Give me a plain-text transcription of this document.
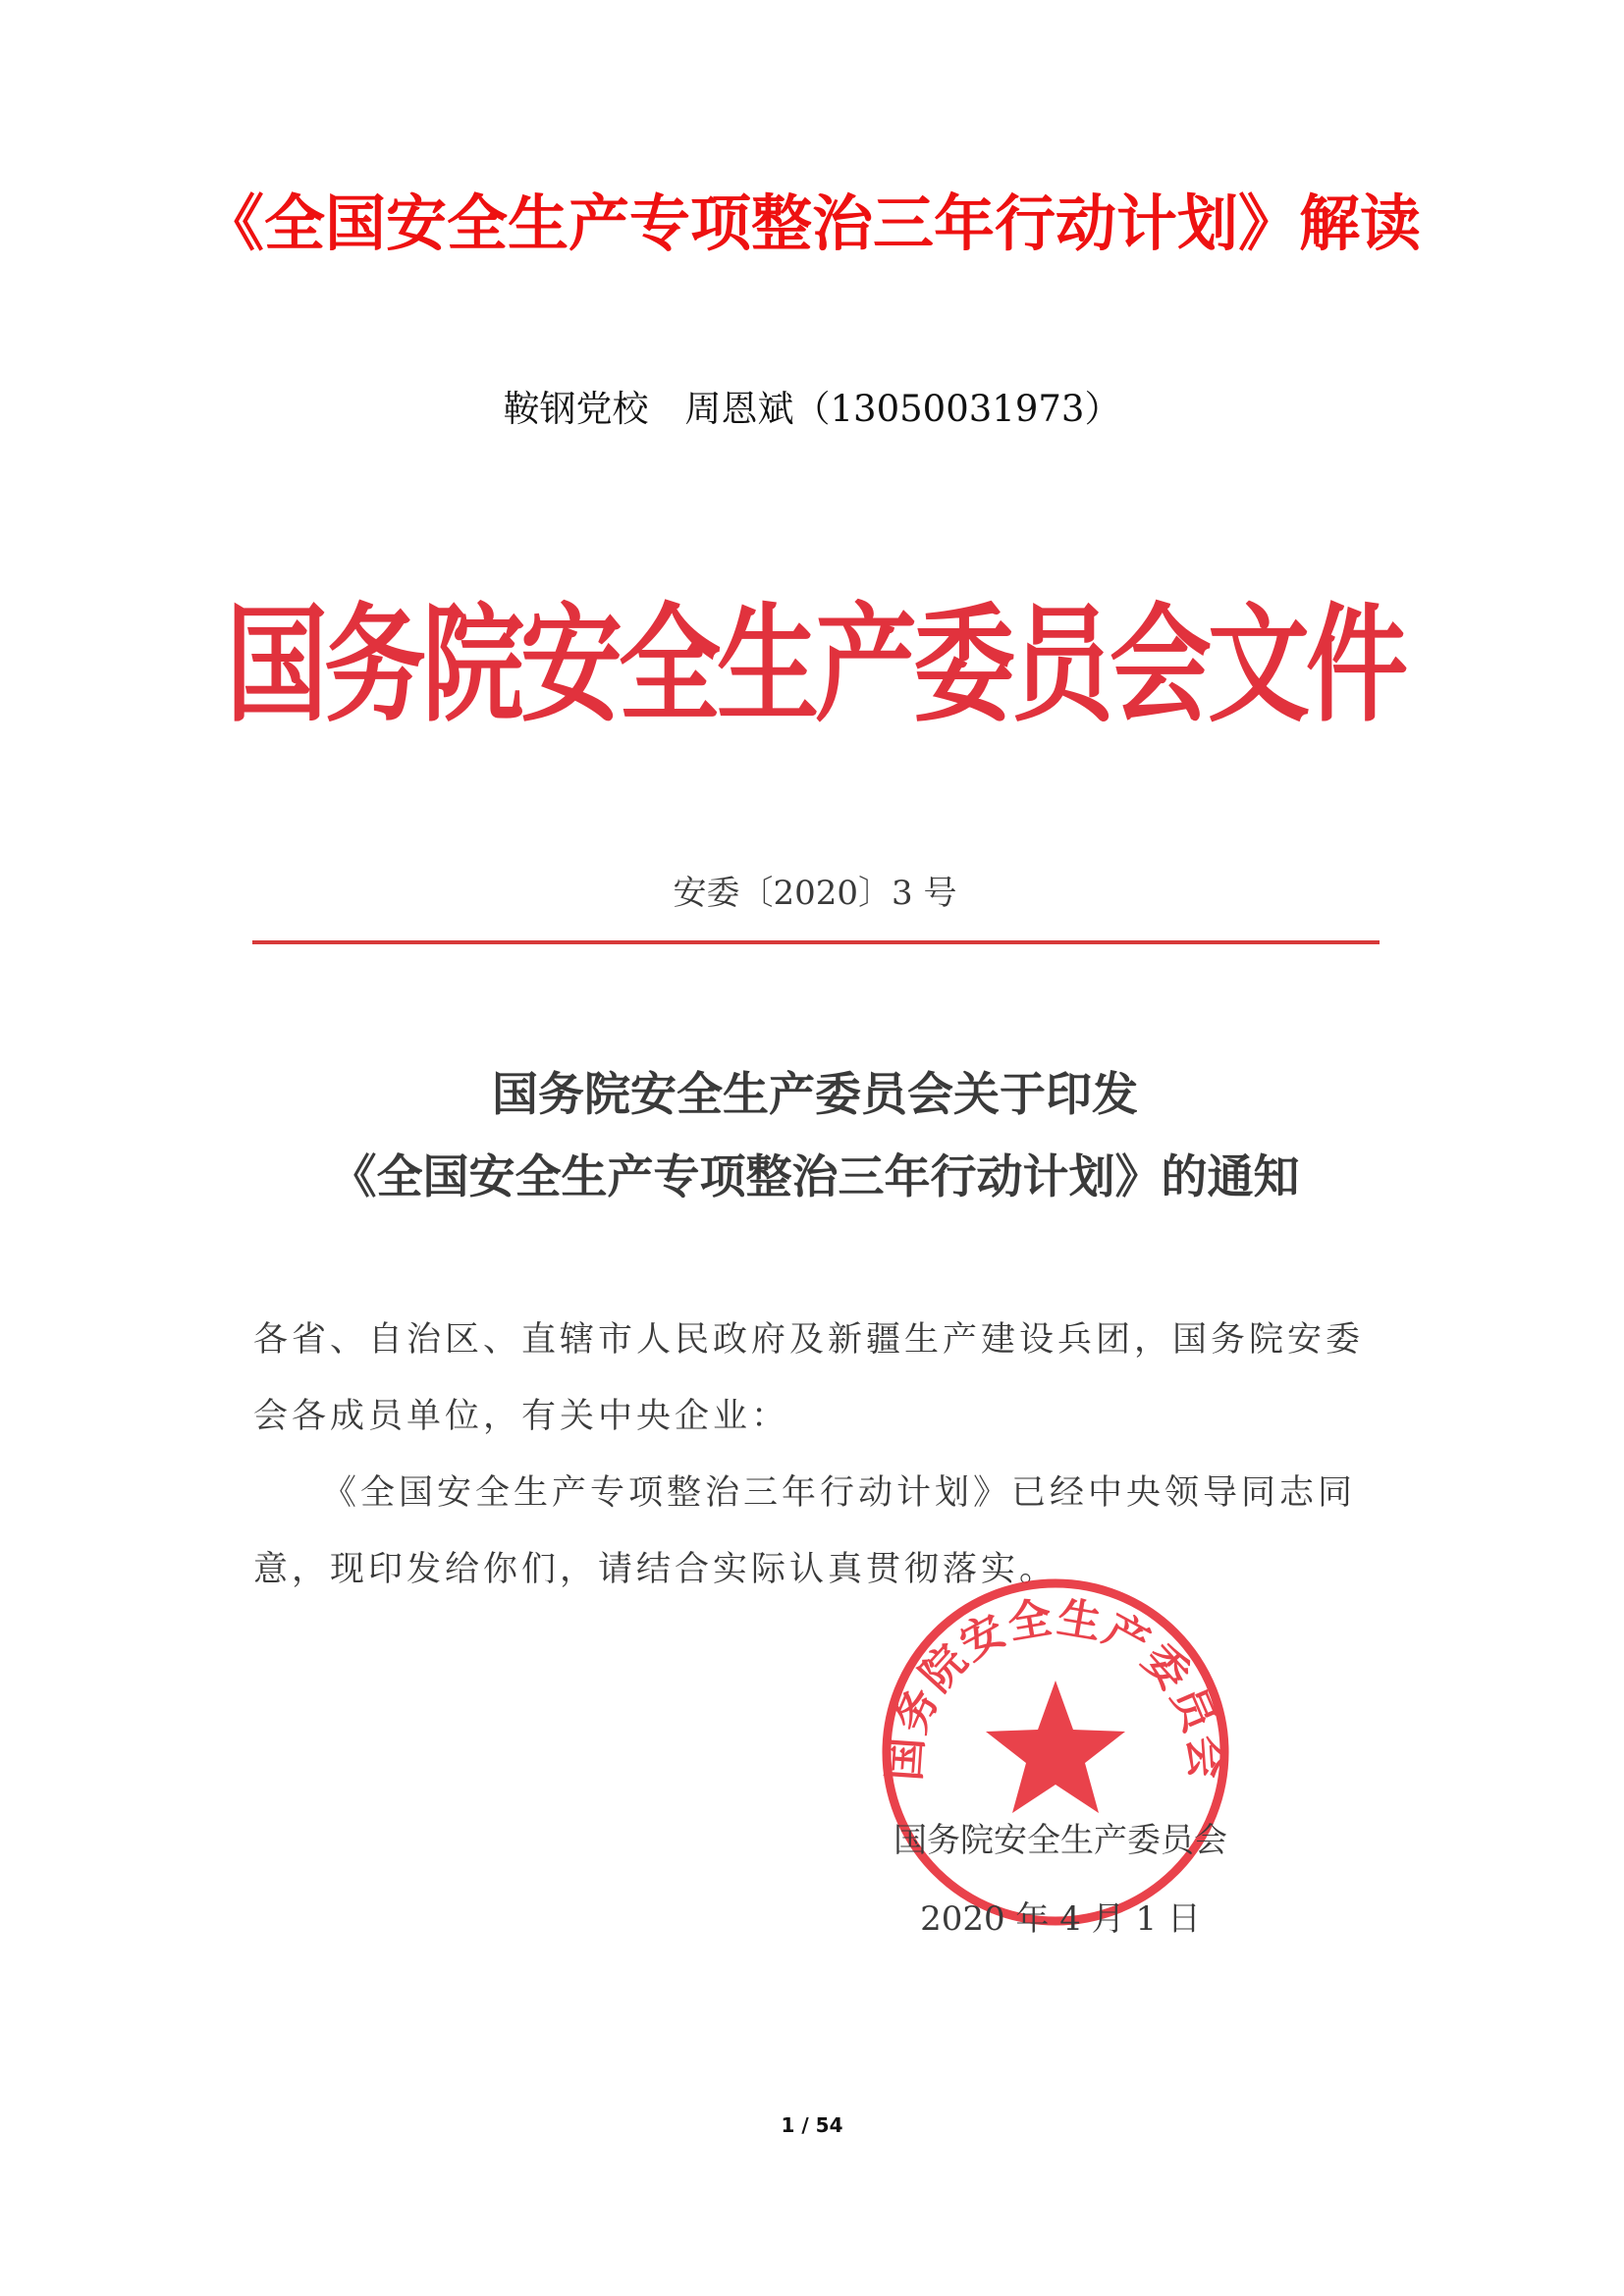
《全国安全生产专项整治三年行动计划》解读
鞍钢党校　周恩斌（13050031973）
国务院安全生产委员会文件
安委〔2020〕3 号
国务院安全生产委员会关于印发
《全国安全生产专项整治三年行动计划》的通知
各省、自治区、直辖市人民政府及新疆生产建设兵团，国务院安委
会各成员单位，有关中央企业：
《全国安全生产专项整治三年行动计划》已经中央领导同志同
意，现印发给你们，请结合实际认真贯彻落实。
国务院安全生产委员会
国务院安全生产委员会
2020 年 4 月 1 日
1 / 54
